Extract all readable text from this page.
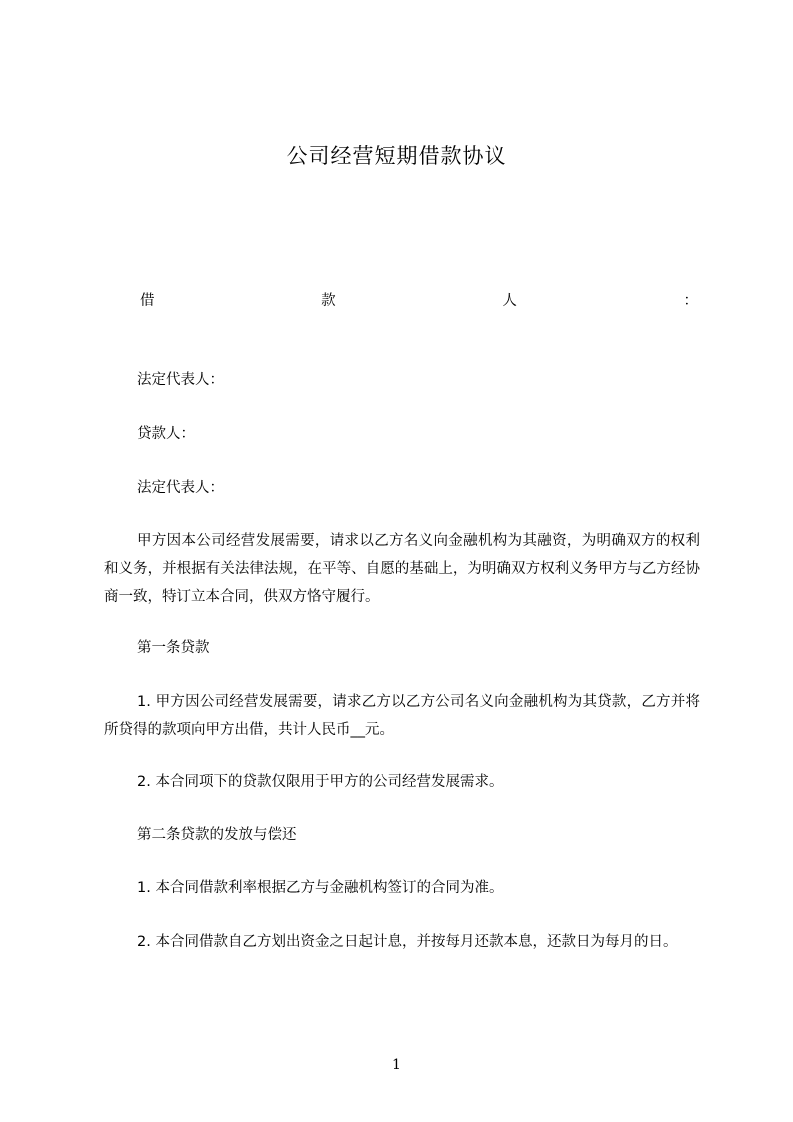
公司经营短期借款协议
借	款	人	：

法定代表人：

贷款人：

法定代表人：

甲方因本公司经营发展需要，请求以乙方名义向金融机构为其融资，为明确双方的权利和义务，并根据有关法律法规，在平等、自愿的基础上，为明确双方权利义务甲方与乙方经协商一致，特订立本合同，供双方恪守履行。

第一条贷款

1. 甲方因公司经营发展需要，请求乙方以乙方公司名义向金融机构为其贷款，乙方并将所贷得的款项向甲方出借，共计人民币__元。

2. 本合同项下的贷款仅限用于甲方的公司经营发展需求。

第二条贷款的发放与偿还

1. 本合同借款利率根据乙方与金融机构签订的合同为准。

2. 本合同借款自乙方划出资金之日起计息，并按每月还款本息，还款日为每月的日。

1
